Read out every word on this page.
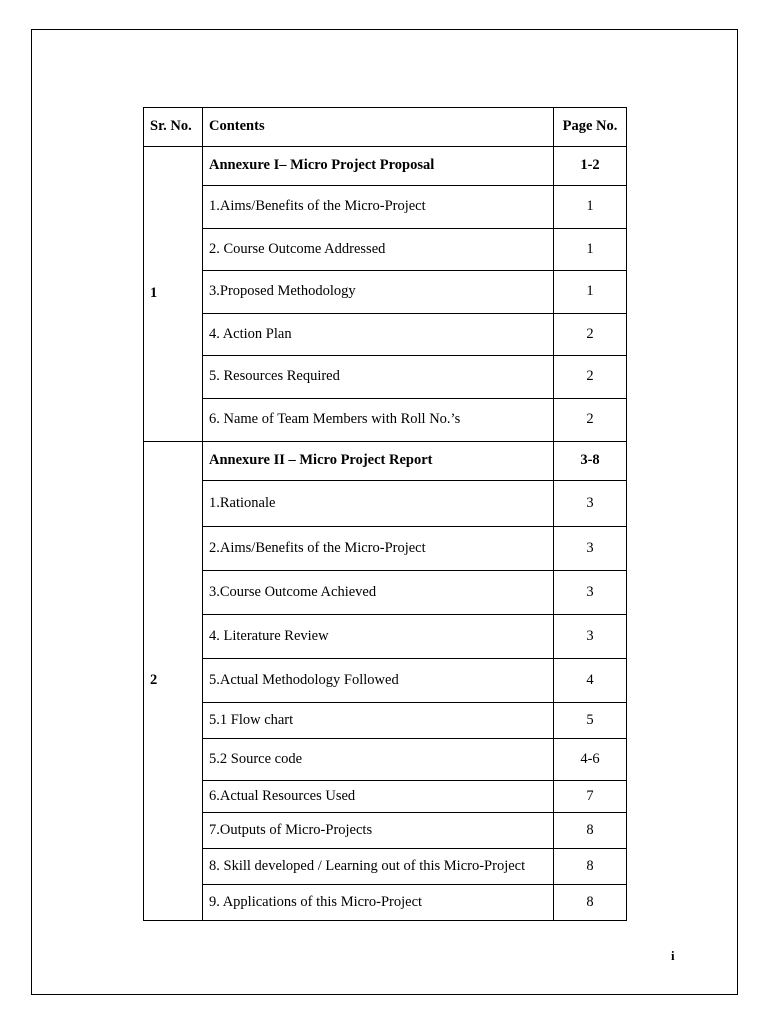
Sr. No.	Contents	Page No.
1	Annexure I– Micro Project Proposal	1-2
	1.Aims/Benefits of the Micro-Project	1
	2. Course Outcome Addressed	1
	3.Proposed Methodology	1
	4. Action Plan	2
	5. Resources Required	2
	6. Name of Team Members with Roll No.’s	2
2	Annexure II – Micro Project Report	3-8
	1.Rationale	3
	2.Aims/Benefits of the Micro-Project	3
	3.Course Outcome Achieved	3
	4. Literature Review	3
	5.Actual Methodology Followed	4
	5.1 Flow chart	5
	5.2 Source code	4-6
	6.Actual Resources Used	7
	7.Outputs of Micro-Projects	8
	8. Skill developed / Learning out of this Micro-Project	8
	9. Applications of this Micro-Project	8
i
